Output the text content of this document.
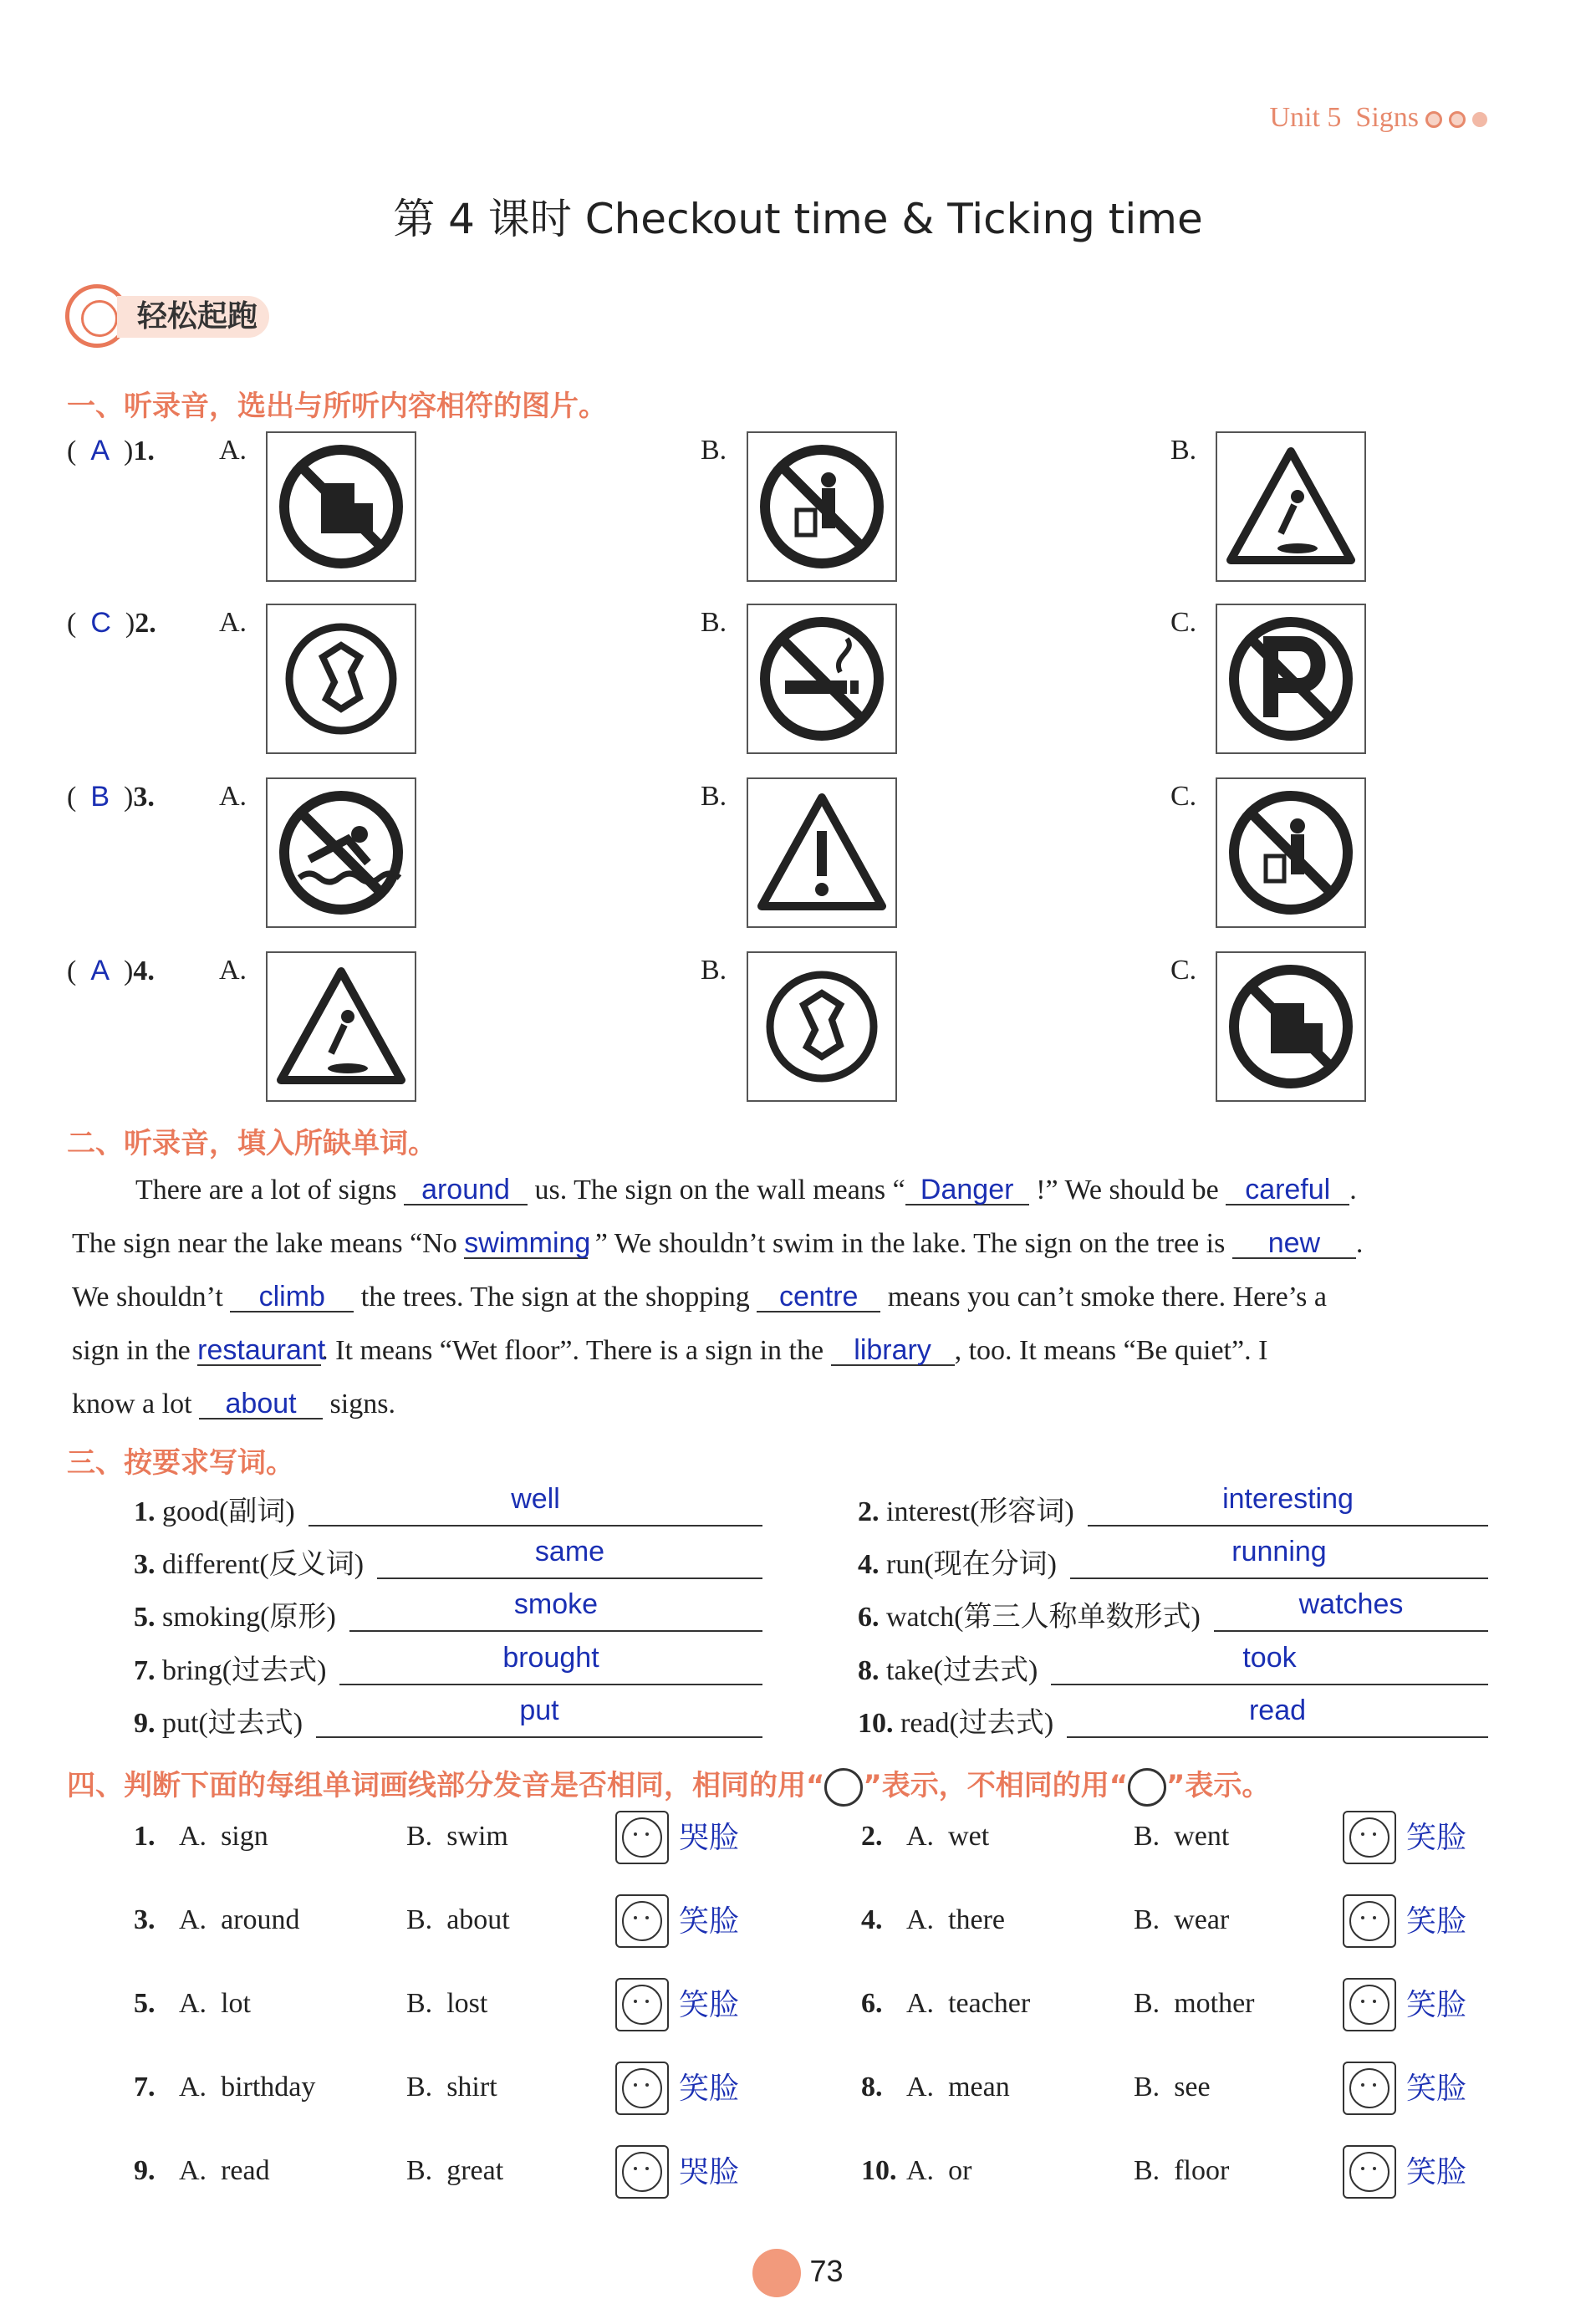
Unit 5 Signs
第 4 课时 Checkout time & Ticking time
轻松起跑
一、听录音，选出与所听内容相符的图片。
(  A  )1. A.	B.	B.
(  C  )2. A.	B.	C.
(  B  )3. A.	B.	C.
(  A  )4. A.	B.	C.
二、听录音，填入所缺单词。
There are a lot of signs around us. The sign on the wall means “ Danger !” We should be careful .
The sign near the lake means “No swimming ” We shouldn’t swim in the lake. The sign on the tree is new .
We shouldn’t climb the trees. The sign at the shopping centre means you can’t smoke there. Here’s a
sign in the restaurant. It means “Wet floor”. There is a sign in the library , too. It means “Be quiet”. I
know a lot about signs.
三、按要求写词。
1. good(副词)	well	2. interest(形容词)	interesting
3. different(反义词)	same	4. run(现在分词)	running
5. smoking(原形)	smoke	6. watch(第三人称单数形式)	watches
7. bring(过去式)	brought	8. take(过去式)	took
9. put(过去式)	put	10. read(过去式)	read
四、判断下面的每组单词画线部分发音是否相同，相同的用“ ”表示，不相同的用“ ”表示。
1. A.  sign	B.  swim	哭脸	2. A.  wet	B.  went	笑脸
3. A.  around	B.  about	笑脸	4. A.  there	B.  wear	笑脸
5. A.  lot	B.  lost	笑脸	6. A.  teacher	B.  mother	笑脸
7. A.  birthday	B.  shirt	笑脸	8. A.  mean	B.  see	笑脸
9. A.  read	B.  great	哭脸	10. A.  or	B.  floor	笑脸
73
